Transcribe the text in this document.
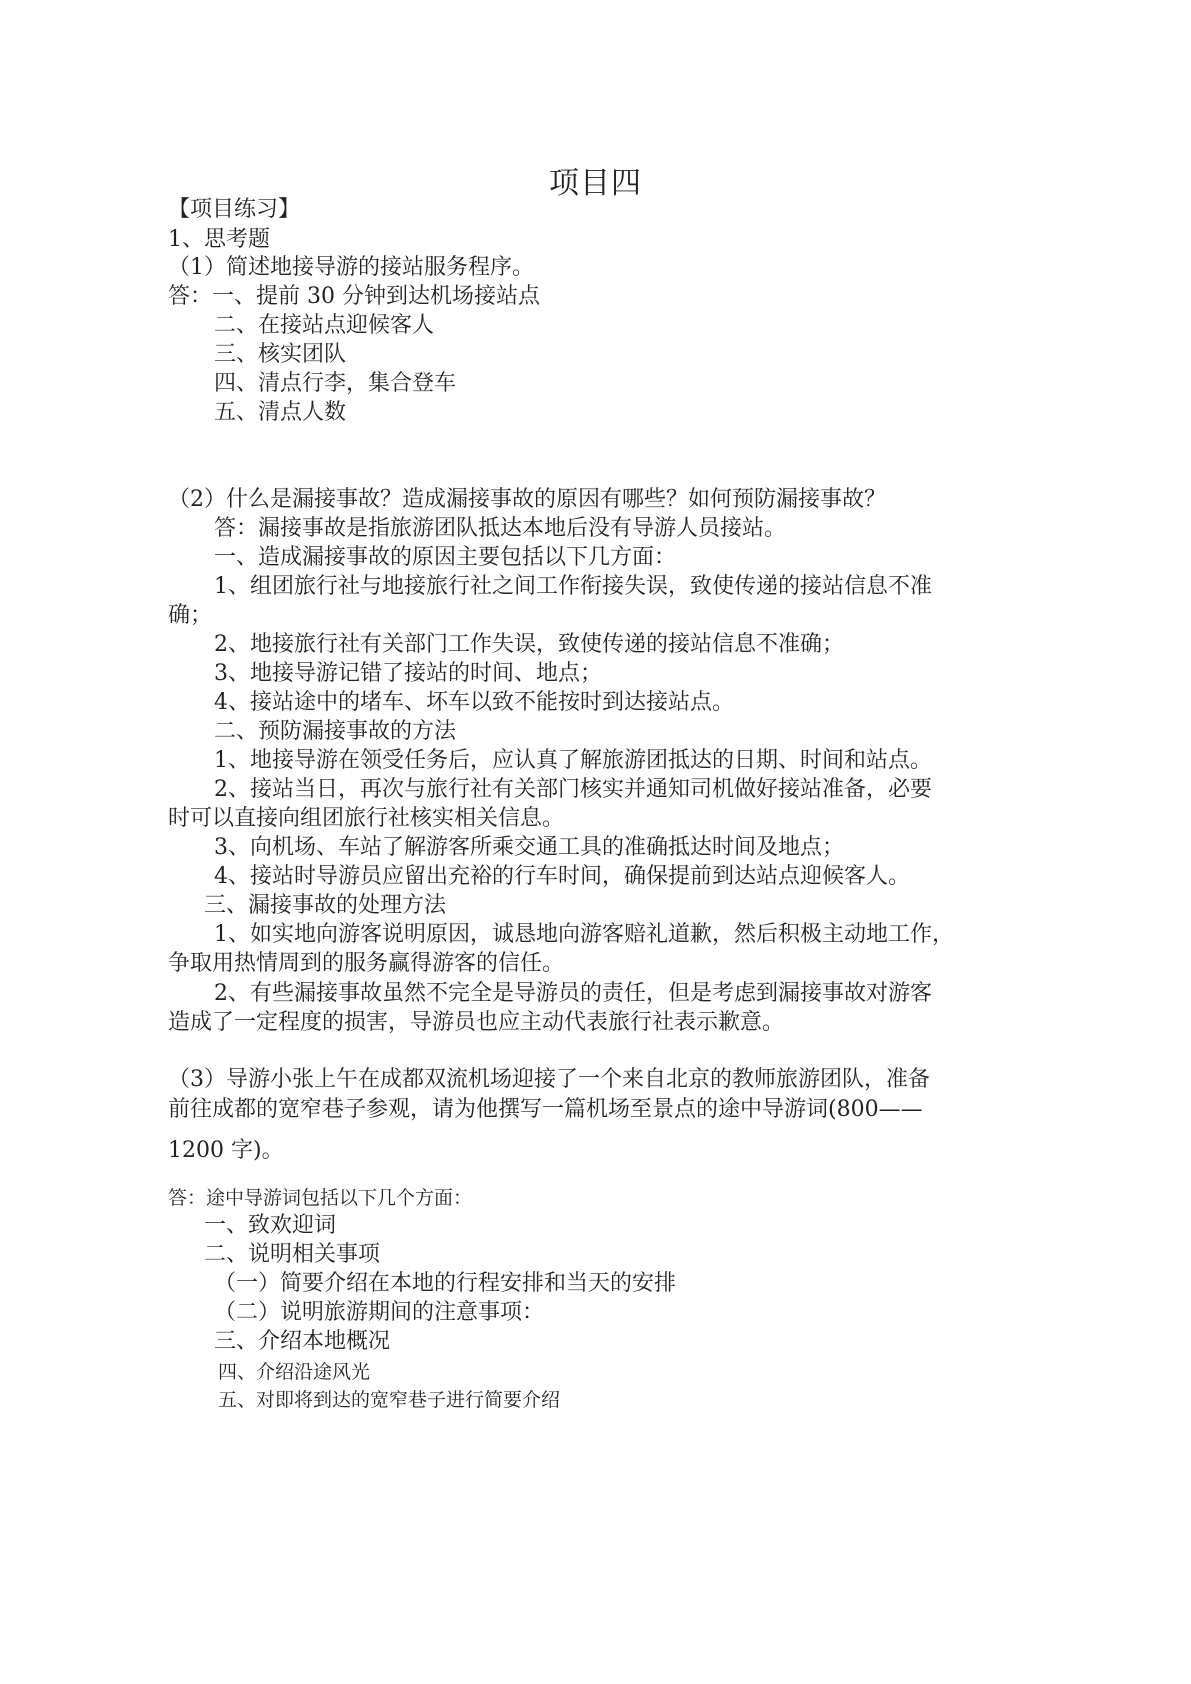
项目四
【项目练习】
1、思考题
（1）简述地接导游的接站服务程序。
答：一、提前 30 分钟到达机场接站点
二、在接站点迎候客人
三、核实团队
四、清点行李，集合登车
五、清点人数
（2）什么是漏接事故？造成漏接事故的原因有哪些？如何预防漏接事故？
答：漏接事故是指旅游团队抵达本地后没有导游人员接站。
一、造成漏接事故的原因主要包括以下几方面：
1、组团旅行社与地接旅行社之间工作衔接失误，致使传递的接站信息不准
确；
2、地接旅行社有关部门工作失误，致使传递的接站信息不准确；
3、地接导游记错了接站的时间、地点；
4、接站途中的堵车、坏车以致不能按时到达接站点。
二、预防漏接事故的方法
1、地接导游在领受任务后，应认真了解旅游团抵达的日期、时间和站点。
2、接站当日，再次与旅行社有关部门核实并通知司机做好接站准备，必要
时可以直接向组团旅行社核实相关信息。
3、向机场、车站了解游客所乘交通工具的准确抵达时间及地点；
4、接站时导游员应留出充裕的行车时间，确保提前到达站点迎候客人。
三、漏接事故的处理方法
1、如实地向游客说明原因，诚恳地向游客赔礼道歉，然后积极主动地工作，
争取用热情周到的服务赢得游客的信任。
2、有些漏接事故虽然不完全是导游员的责任，但是考虑到漏接事故对游客
造成了一定程度的损害，导游员也应主动代表旅行社表示歉意。
（3）导游小张上午在成都双流机场迎接了一个来自北京的教师旅游团队，准备
前往成都的宽窄巷子参观，请为他撰写一篇机场至景点的途中导游词(800——
1200 字)。
答：途中导游词包括以下几个方面：
一、致欢迎词
二、说明相关事项
（一）简要介绍在本地的行程安排和当天的安排
（二）说明旅游期间的注意事项：
三、介绍本地概况
四、介绍沿途风光
五、对即将到达的宽窄巷子进行简要介绍
